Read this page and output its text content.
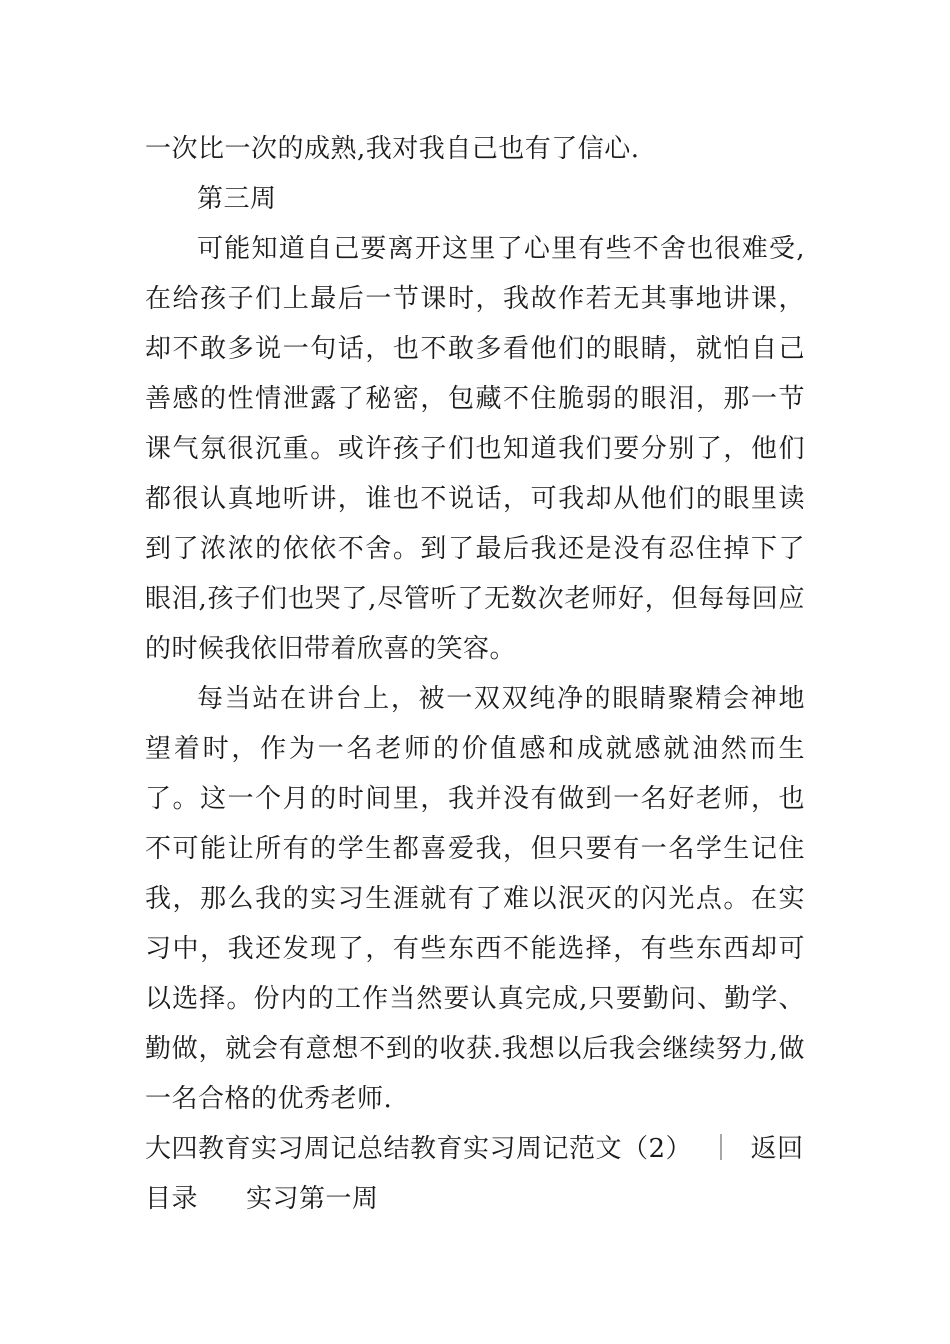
一次比一次的成熟,我对我自己也有了信心.
第三周
可能知道自己要离开这里了心里有些不舍也很难受,在给孩子们上最后一节课时，我故作若无其事地讲课，却不敢多说一句话，也不敢多看他们的眼睛，就怕自己善感的性情泄露了秘密，包藏不住脆弱的眼泪，那一节课气氛很沉重。或许孩子们也知道我们要分别了，他们都很认真地听讲，谁也不说话，可我却从他们的眼里读到了浓浓的依依不舍。到了最后我还是没有忍住掉下了眼泪,孩子们也哭了,尽管听了无数次老师好，但每每回应的时候我依旧带着欣喜的笑容。
每当站在讲台上，被一双双纯净的眼睛聚精会神地望着时，作为一名老师的价值感和成就感就油然而生了。这一个月的时间里，我并没有做到一名好老师，也不可能让所有的学生都喜爱我，但只要有一名学生记住我，那么我的实习生涯就有了难以泯灭的闪光点。在实习中，我还发现了，有些东西不能选择，有些东西却可以选择。份内的工作当然要认真完成,只要勤问、勤学、勤做，就会有意想不到的收获.我想以后我会继续努力,做一名合格的优秀老师.
大四教育实习周记总结教育实习周记范文（2） ｜ 返回目录 实习第一周
